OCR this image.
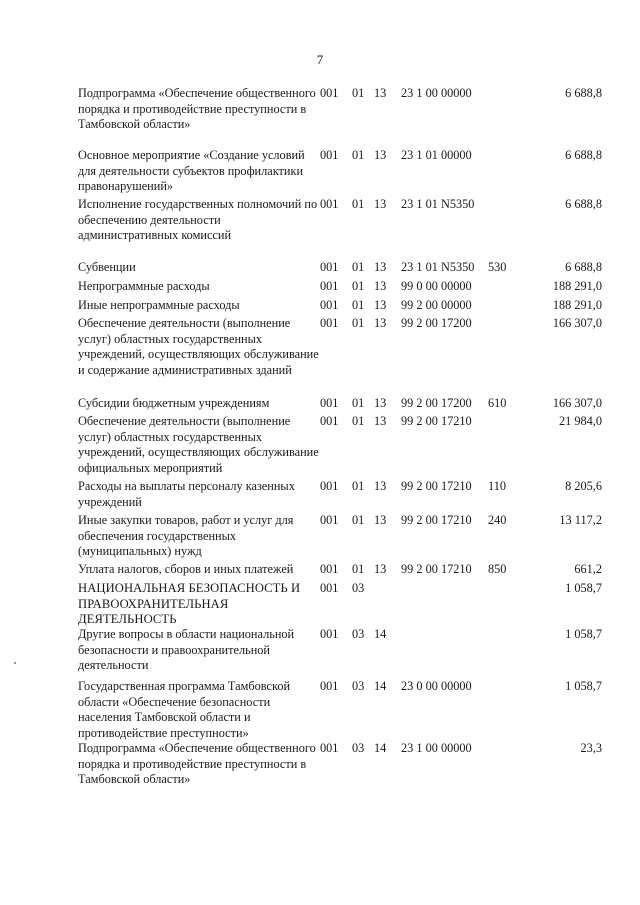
7
Подпрограмма «Обеспечение общественного порядка и противодействие преступности в Тамбовской области»
001 01 13 23 1 00 00000	6 688,8
Основное мероприятие «Создание условий для деятельности субъектов профилактики правонарушений»
001 01 13 23 1 01 00000	6 688,8
Исполнение государственных полномочий по обеспечению деятельности административных комиссий
001 01 13 23 1 01 N5350	6 688,8
Субвенции	001 01 13 23 1 01 N5350 530	6 688,8
Непрограммные расходы	001 01 13 99 0 00 00000	188 291,0
Иные непрограммные расходы	001 01 13 99 2 00 00000	188 291,0
Обеспечение деятельности (выполнение услуг) областных государственных учреждений, осуществляющих обслуживание и содержание административных зданий
001 01 13 99 2 00 17200	166 307,0
Субсидии бюджетным учреждениям	001 01 13 99 2 00 17200 610	166 307,0
Обеспечение деятельности (выполнение услуг) областных государственных учреждений, осуществляющих обслуживание официальных мероприятий
001 01 13 99 2 00 17210	21 984,0
Расходы на выплаты персоналу казенных учреждений
001 01 13 99 2 00 17210 110	8 205,6
Иные закупки товаров, работ и услуг для обеспечения государственных (муниципальных) нужд
001 01 13 99 2 00 17210 240	13 117,2
Уплата налогов, сборов и иных платежей	001 01 13 99 2 00 17210 850	661,2
НАЦИОНАЛЬНАЯ БЕЗОПАСНОСТЬ И ПРАВООХРАНИТЕЛЬНАЯ ДЕЯТЕЛЬНОСТЬ
001 03	1 058,7
Другие вопросы в области национальной безопасности и правоохранительной деятельности
001 03 14	1 058,7
Государственная программа Тамбовской области «Обеспечение безопасности населения Тамбовской области и противодействие преступности»
001 03 14 23 0 00 00000	1 058,7
Подпрограмма «Обеспечение общественного порядка и противодействие преступности в Тамбовской области»
001 03 14 23 1 00 00000	23,3
